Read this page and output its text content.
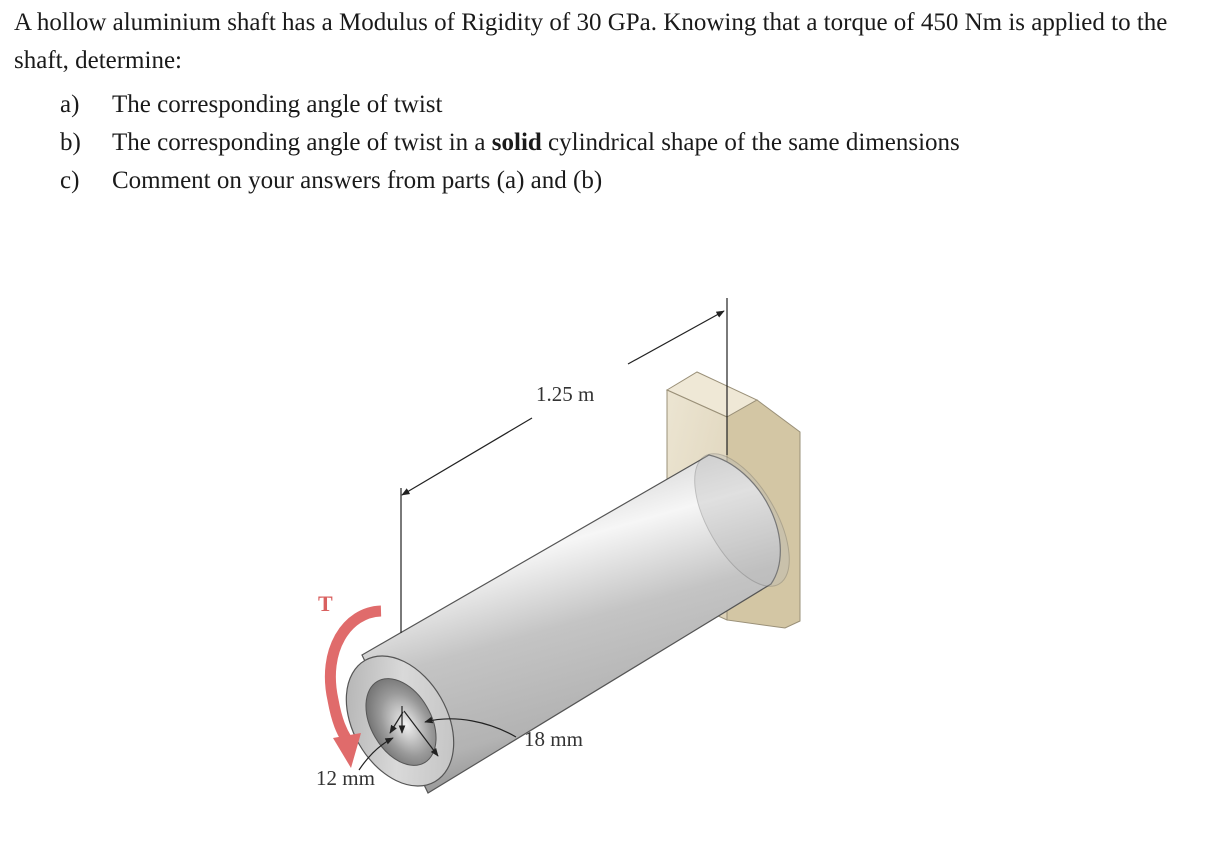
A hollow aluminium shaft has a Modulus of Rigidity of 30 GPa. Knowing that a torque of 450 Nm is applied to the shaft, determine:

a) The corresponding angle of twist
b) The corresponding angle of twist in a solid cylindrical shape of the same dimensions
c) Comment on your answers from parts (a) and (b)
1.25 m
T
18 mm
12 mm
